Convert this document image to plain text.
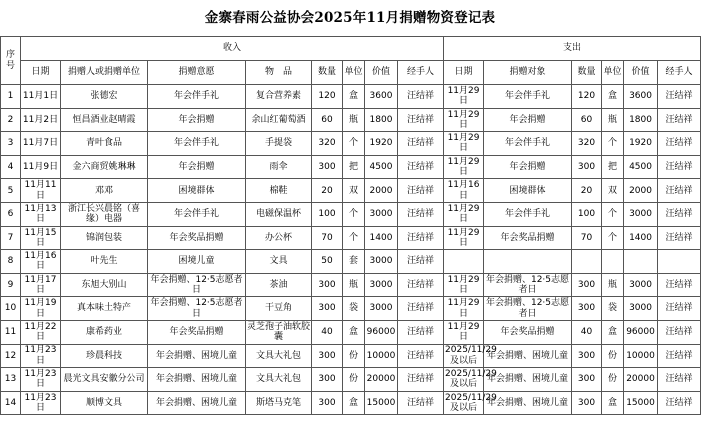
金寨春雨公益协会2025年11月捐赠物资登记表
序号	收入								支出					
	日期	捐赠人或捐赠单位	捐赠意愿	物　品	数量	单位	价值	经手人	日期	捐赠对象	数量	单位	价值	经手人
1	11月1日	张德宏	年会伴手礼	复合营养素	120	盒	3600	汪结祥	11月29日	年会伴手礼	120	盒	3600	汪结祥
2	11月2日	恒昌酒业赵晴霞	年会捐赠	余山红葡萄酒	60	瓶	1800	汪结祥	11月29日	年会捐赠	60	瓶	1800	汪结祥
3	11月7日	青叶食品	年会伴手礼	手提袋	320	个	1920	汪结祥	11月29日	年会伴手礼	320	个	1920	汪结祥
4	11月9日	金六商贸姚琳琳	年会捐赠	雨伞	300	把	4500	汪结祥	11月29日	年会捐赠	300	把	4500	汪结祥
5	11月11日	邓邓	困境群体	棉鞋	20	双	2000	汪结祥	11月16日	困境群体	20	双	2000	汪结祥
6	11月13日	浙江长兴晨铭（喜缘）电器	年会伴手礼	电磁保温杯	100	个	3000	汪结祥	11月29日	年会伴手礼	100	个	3000	汪结祥
7	11月15日	锦润包装	年会奖品捐赠	办公杯	70	个	1400	汪结祥	11月29日	年会奖品捐赠	70	个	1400	汪结祥
8	11月16日	叶先生	困境儿童	文具	50	套	3000	汪结祥						
9	11月17日	东旭大别山	年会捐赠、12·5志愿者日	茶油	300	瓶	3000	汪结祥	11月29日	年会捐赠、12·5志愿者日	300	瓶	3000	汪结祥
10	11月19日	真本味土特产	年会捐赠、12·5志愿者日	干豆角	300	袋	3000	汪结祥	11月29日	年会捐赠、12·5志愿者日	300	袋	3000	汪结祥
11	11月22日	康希药业	年会奖品捐赠	灵芝孢子油软胶囊	40	盒	96000	汪结祥	11月29日	年会奖品捐赠	40	盒	96000	汪结祥
12	11月23日	珍晨科技	年会捐赠、困境儿童	文具大礼包	300	份	10000	汪结祥	2025/11/29及以后	年会捐赠、困境儿童	300	份	10000	汪结祥
13	11月23日	晨光文具安徽分公司	年会捐赠、困境儿童	文具大礼包	300	份	20000	汪结祥	2025/11/29及以后	年会捐赠、困境儿童	300	份	20000	汪结祥
14	11月23日	顺博文具	年会捐赠、困境儿童	斯塔马克笔	300	盒	15000	汪结祥	2025/11/29及以后	年会捐赠、困境儿童	300	盒	15000	汪结祥
